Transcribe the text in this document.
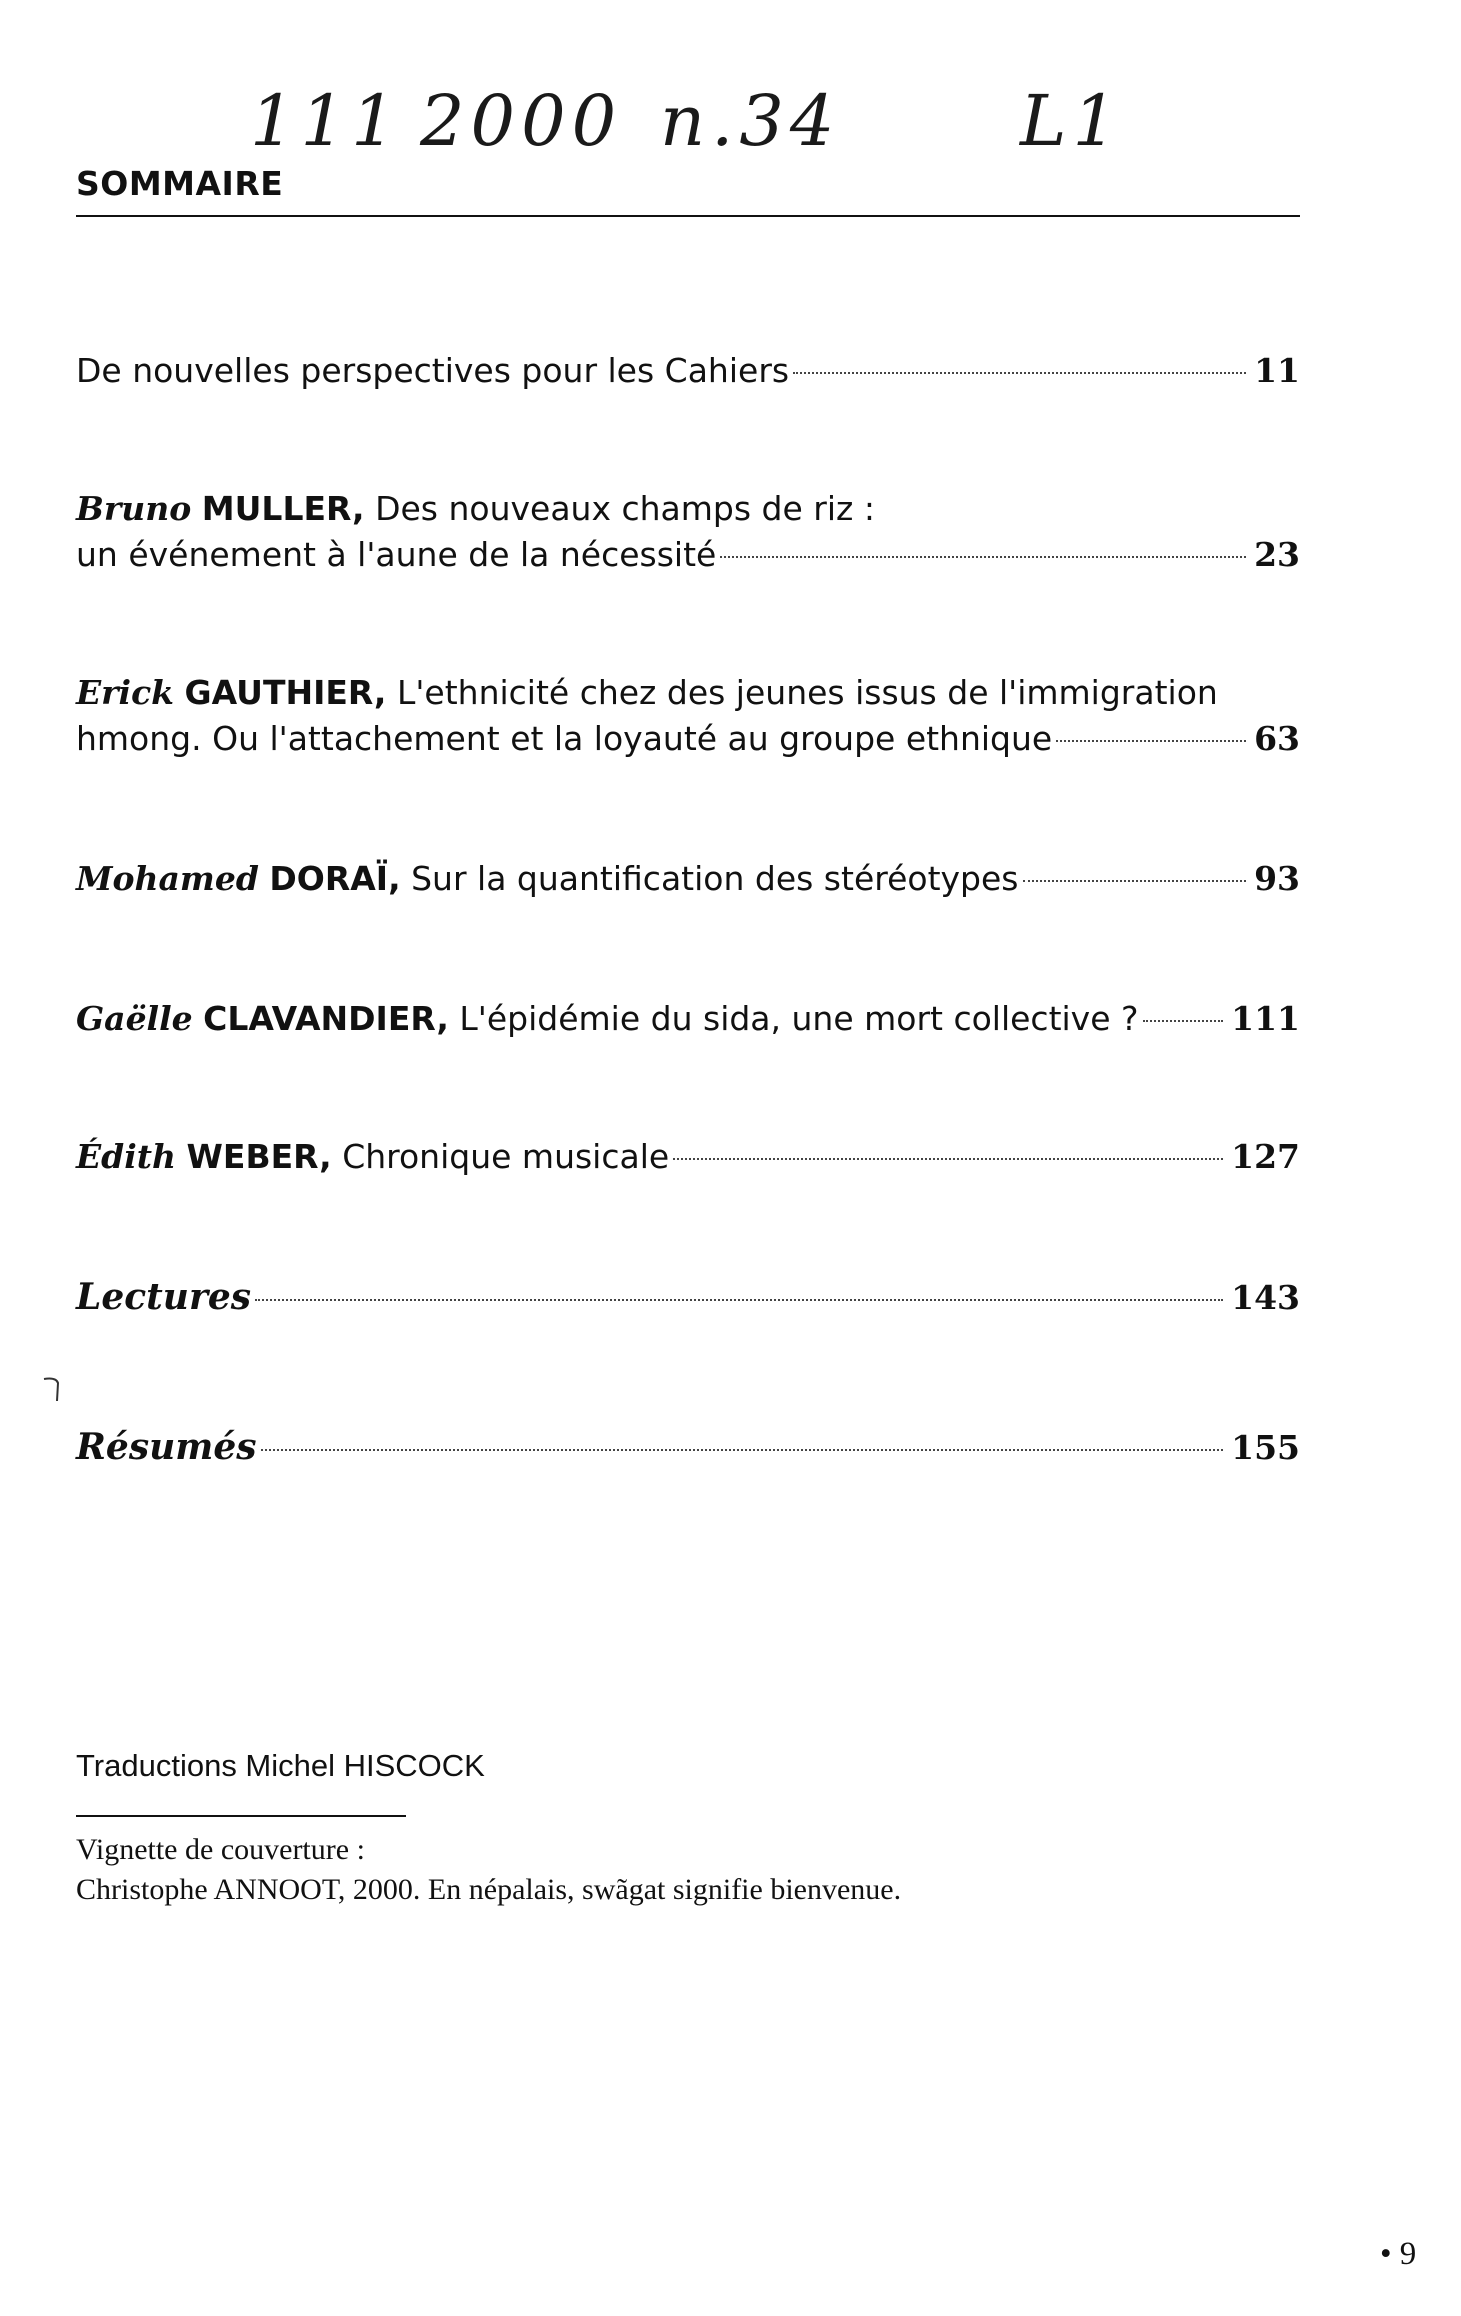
111 2000 n.34	L1
SOMMAIRE
De nouvelles perspectives pour les Cahiers	11
Bruno MULLER, Des nouveaux champs de riz :
un événement à l'aune de la nécessité	23
Erick GAUTHIER, L'ethnicité chez des jeunes issus de l'immigration
hmong. Ou l'attachement et la loyauté au groupe ethnique	63
Mohamed DORAÏ, Sur la quantification des stéréotypes	93
Gaëlle CLAVANDIER, L'épidémie du sida, une mort collective ?	111
Édith WEBER, Chronique musicale	127
Lectures	143
Résumés	155
Traductions Michel HISCOCK
Vignette de couverture :
Christophe ANNOOT, 2000. En népalais, swãgat signifie bienvenue.
• 9
